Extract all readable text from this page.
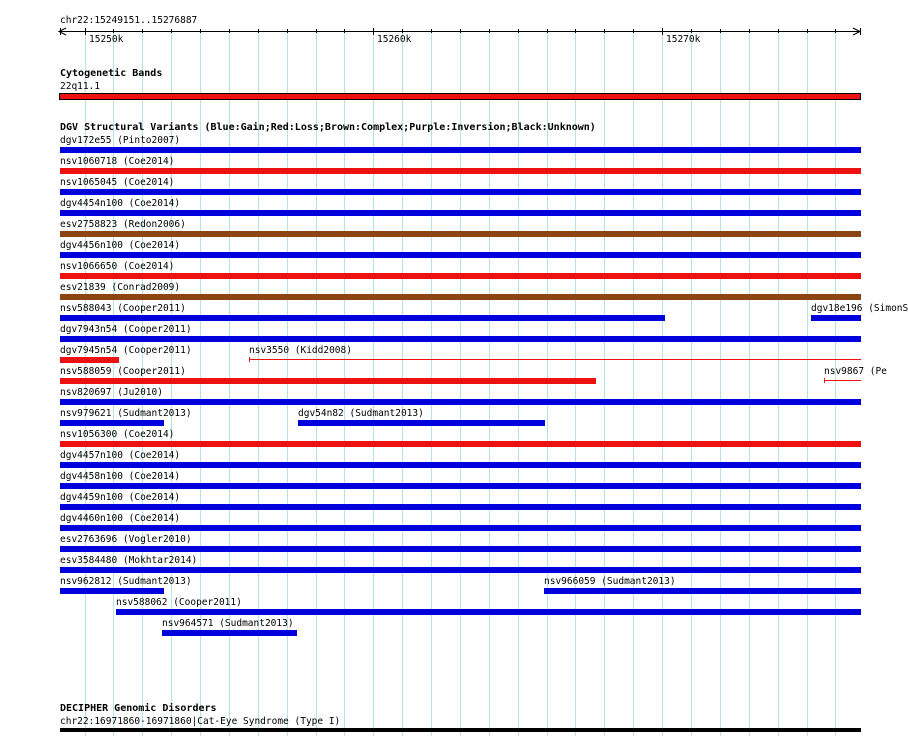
chr22:15249151..15276887
15250k	15260k	15270k
Cytogenetic Bands
22q11.1
DGV Structural Variants (Blue:Gain;Red:Loss;Brown:Complex;Purple:Inversion;Black:Unknown)
dgv172e55 (Pinto2007)
nsv1060718 (Coe2014)
nsv1065045 (Coe2014)
dgv4454n100 (Coe2014)
esv2758823 (Redon2006)
dgv4456n100 (Coe2014)
nsv1066650 (Coe2014)
esv21839 (Conrad2009)
nsv588043 (Cooper2011)	dgv18e196 (SimonS
dgv7943n54 (Cooper2011)
dgv7945n54 (Cooper2011)	nsv3550 (Kidd2008)
nsv588059 (Cooper2011)	nsv9867 (Pe
nsv820697 (Ju2010)
nsv979621 (Sudmant2013)	dgv54n82 (Sudmant2013)
nsv1056300 (Coe2014)
dgv4457n100 (Coe2014)
dgv4458n100 (Coe2014)
dgv4459n100 (Coe2014)
dgv4460n100 (Coe2014)
esv2763696 (Vogler2010)
esv3584480 (Mokhtar2014)
nsv962812 (Sudmant2013)	nsv966059 (Sudmant2013)
nsv588062 (Cooper2011)
nsv964571 (Sudmant2013)
DECIPHER Genomic Disorders
chr22:16971860-16971860|Cat-Eye Syndrome (Type I)
